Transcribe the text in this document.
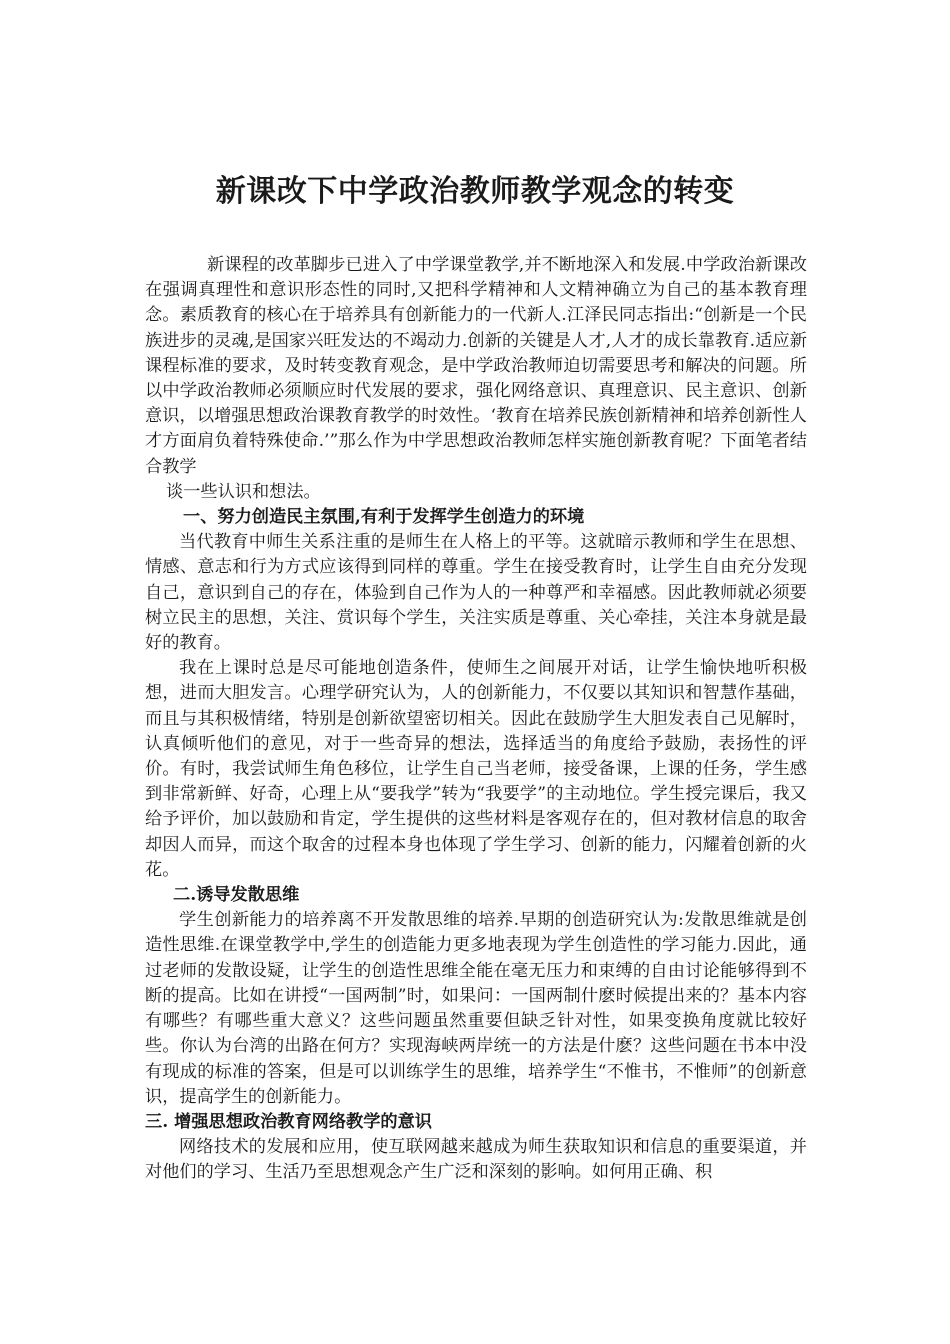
新课改下中学政治教师教学观念的转变

新课程的改革脚步已进入了中学课堂教学,并不断地深入和发展.中学政治新课改在强调真理性和意识形态性的同时,又把科学精神和人文精神确立为自己的基本教育理念。素质教育的核心在于培养具有创新能力的一代新人.江泽民同志指出:“创新是一个民族进步的灵魂,是国家兴旺发达的不竭动力.创新的关键是人才,人才的成长靠教育.适应新课程标准的要求，及时转变教育观念，是中学政治教师迫切需要思考和解决的问题。所以中学政治教师必须顺应时代发展的要求，强化网络意识、真理意识、民主意识、创新意识，以增强思想政治课教育教学的时效性。‘教育在培养民族创新精神和培养创新性人才方面肩负着特殊使命.’”那么作为中学思想政治教师怎样实施创新教育呢？下面笔者结合教学

谈一些认识和想法。

一、努力创造民主氛围,有利于发挥学生创造力的环境

当代教育中师生关系注重的是师生在人格上的平等。这就暗示教师和学生在思想、情感、意志和行为方式应该得到同样的尊重。学生在接受教育时，让学生自由充分发现自己，意识到自己的存在，体验到自己作为人的一种尊严和幸福感。因此教师就必须要树立民主的思想，关注、赏识每个学生，关注实质是尊重、关心牵挂，关注本身就是最好的教育。

我在上课时总是尽可能地创造条件，使师生之间展开对话，让学生愉快地听积极想，进而大胆发言。心理学研究认为，人的创新能力，不仅要以其知识和智慧作基础，而且与其积极情绪，特别是创新欲望密切相关。因此在鼓励学生大胆发表自己见解时，认真倾听他们的意见，对于一些奇异的想法，选择适当的角度给予鼓励，表扬性的评价。有时，我尝试师生角色移位，让学生自己当老师，接受备课，上课的任务，学生感到非常新鲜、好奇，心理上从“要我学”转为“我要学”的主动地位。学生授完课后，我又给予评价，加以鼓励和肯定，学生提供的这些材料是客观存在的，但对教材信息的取舍却因人而异，而这个取舍的过程本身也体现了学生学习、创新的能力，闪耀着创新的火花。

二.诱导发散思维

学生创新能力的培养离不开发散思维的培养.早期的创造研究认为:发散思维就是创造性思维.在课堂教学中,学生的创造能力更多地表现为学生创造性的学习能力.因此，通过老师的发散设疑，让学生的创造性思维全能在毫无压力和束缚的自由讨论能够得到不断的提高。比如在讲授“一国两制”时，如果问：一国两制什麽时候提出来的？基本内容有哪些？有哪些重大意义？这些问题虽然重要但缺乏针对性，如果变换角度就比较好些。你认为台湾的出路在何方？实现海峡两岸统一的方法是什麽？这些问题在书本中没有现成的标准的答案，但是可以训练学生的思维，培养学生“不惟书，不惟师”的创新意识，提高学生的创新能力。

三. 增强思想政治教育网络教学的意识

网络技术的发展和应用，使互联网越来越成为师生获取知识和信息的重要渠道，并对他们的学习、生活乃至思想观念产生广泛和深刻的影响。如何用正确、积
